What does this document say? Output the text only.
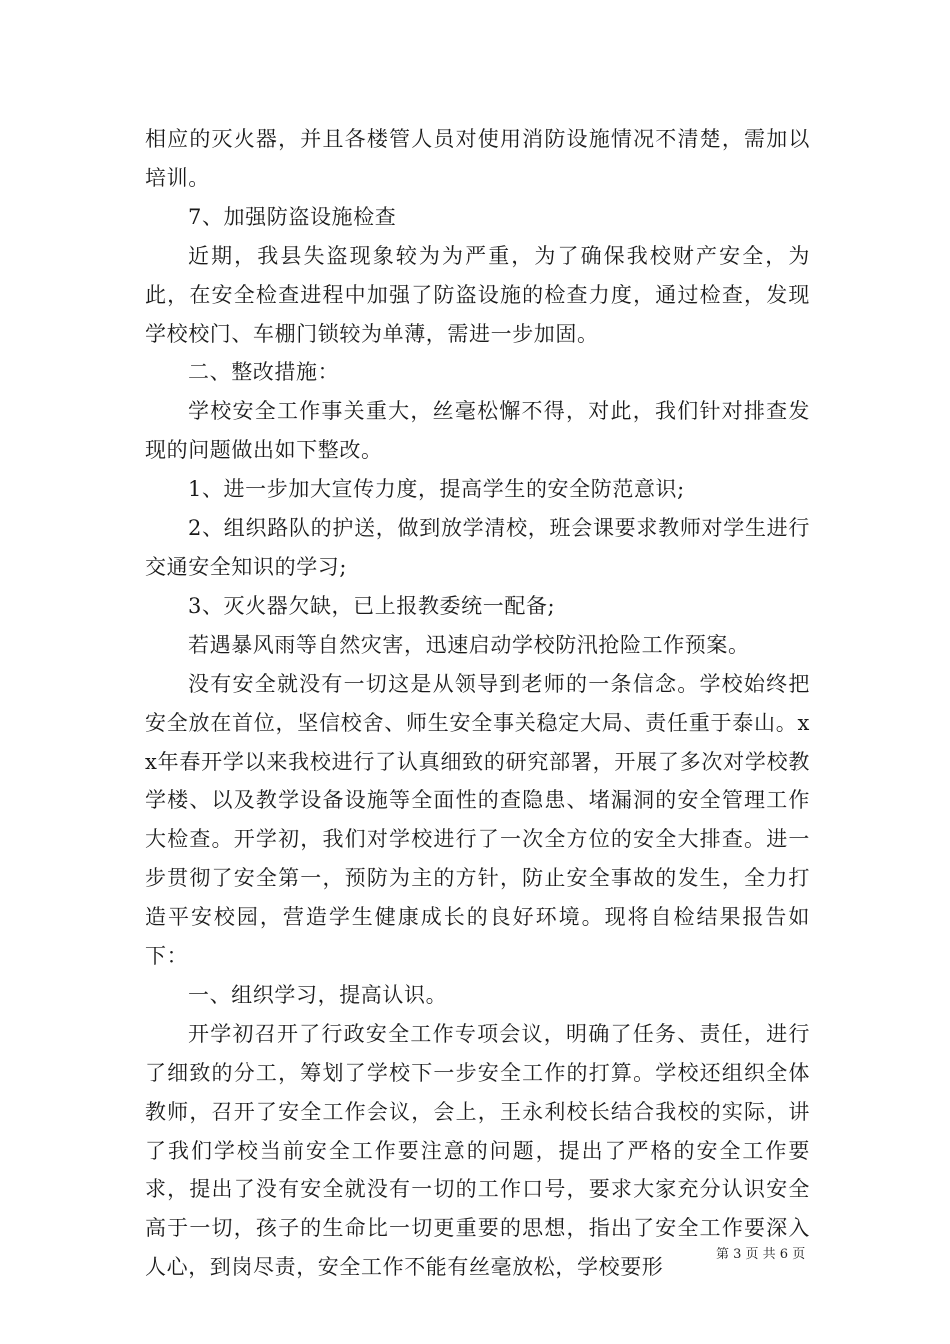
相应的灭火器，并且各楼管人员对使用消防设施情况不清楚，需加以培训。

7、加强防盗设施检查

近期，我县失盗现象较为为严重，为了确保我校财产安全，为此，在安全检查进程中加强了防盗设施的检查力度，通过检查，发现学校校门、车棚门锁较为单薄，需进一步加固。

二、整改措施：

学校安全工作事关重大，丝毫松懈不得，对此，我们针对排查发现的问题做出如下整改。

1、进一步加大宣传力度，提高学生的安全防范意识;

2、组织路队的护送，做到放学清校，班会课要求教师对学生进行交通安全知识的学习;

3、灭火器欠缺，已上报教委统一配备;

若遇暴风雨等自然灾害，迅速启动学校防汛抢险工作预案。

没有安全就没有一切这是从领导到老师的一条信念。学校始终把安全放在首位，坚信校舍、师生安全事关稳定大局、责任重于泰山。xx年春开学以来我校进行了认真细致的研究部署，开展了多次对学校教学楼、以及教学设备设施等全面性的查隐患、堵漏洞的安全管理工作大检查。开学初，我们对学校进行了一次全方位的安全大排查。进一步贯彻了安全第一，预防为主的方针，防止安全事故的发生，全力打造平安校园，营造学生健康成长的良好环境。现将自检结果报告如下：

一、组织学习，提高认识。

开学初召开了行政安全工作专项会议，明确了任务、责任，进行了细致的分工，筹划了学校下一步安全工作的打算。学校还组织全体教师，召开了安全工作会议，会上，王永利校长结合我校的实际，讲了我们学校当前安全工作要注意的问题，提出了严格的安全工作要求，提出了没有安全就没有一切的工作口号，要求大家充分认识安全高于一切，孩子的生命比一切更重要的思想，指出了安全工作要深入人心，到岗尽责，安全工作不能有丝毫放松，学校要形

第 3 页 共 6 页
